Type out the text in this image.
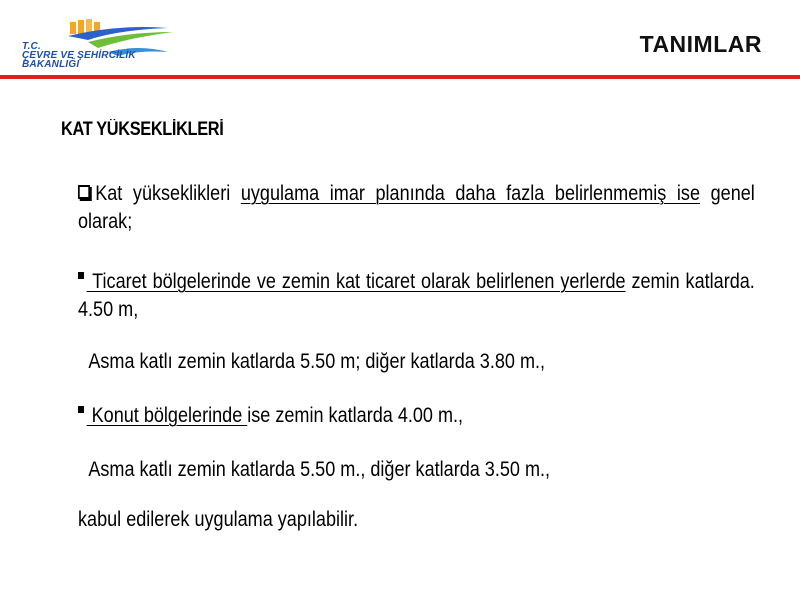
T.C.
ÇEVRE VE ŞEHİRCİLİK
BAKANLIĞI
TANIMLAR
KAT YÜKSEKLİKLERİ
Kat yükseklikleri uygulama imar planında daha fazla belirlenmemiş ise genel olarak;
Ticaret bölgelerinde ve zemin kat ticaret olarak belirlenen yerlerde zemin katlarda. 4.50 m,
Asma katlı zemin katlarda 5.50 m; diğer katlarda 3.80 m.,
Konut bölgelerinde ise zemin katlarda 4.00 m.,
Asma katlı zemin katlarda 5.50 m., diğer katlarda 3.50 m.,
kabul edilerek uygulama yapılabilir.
